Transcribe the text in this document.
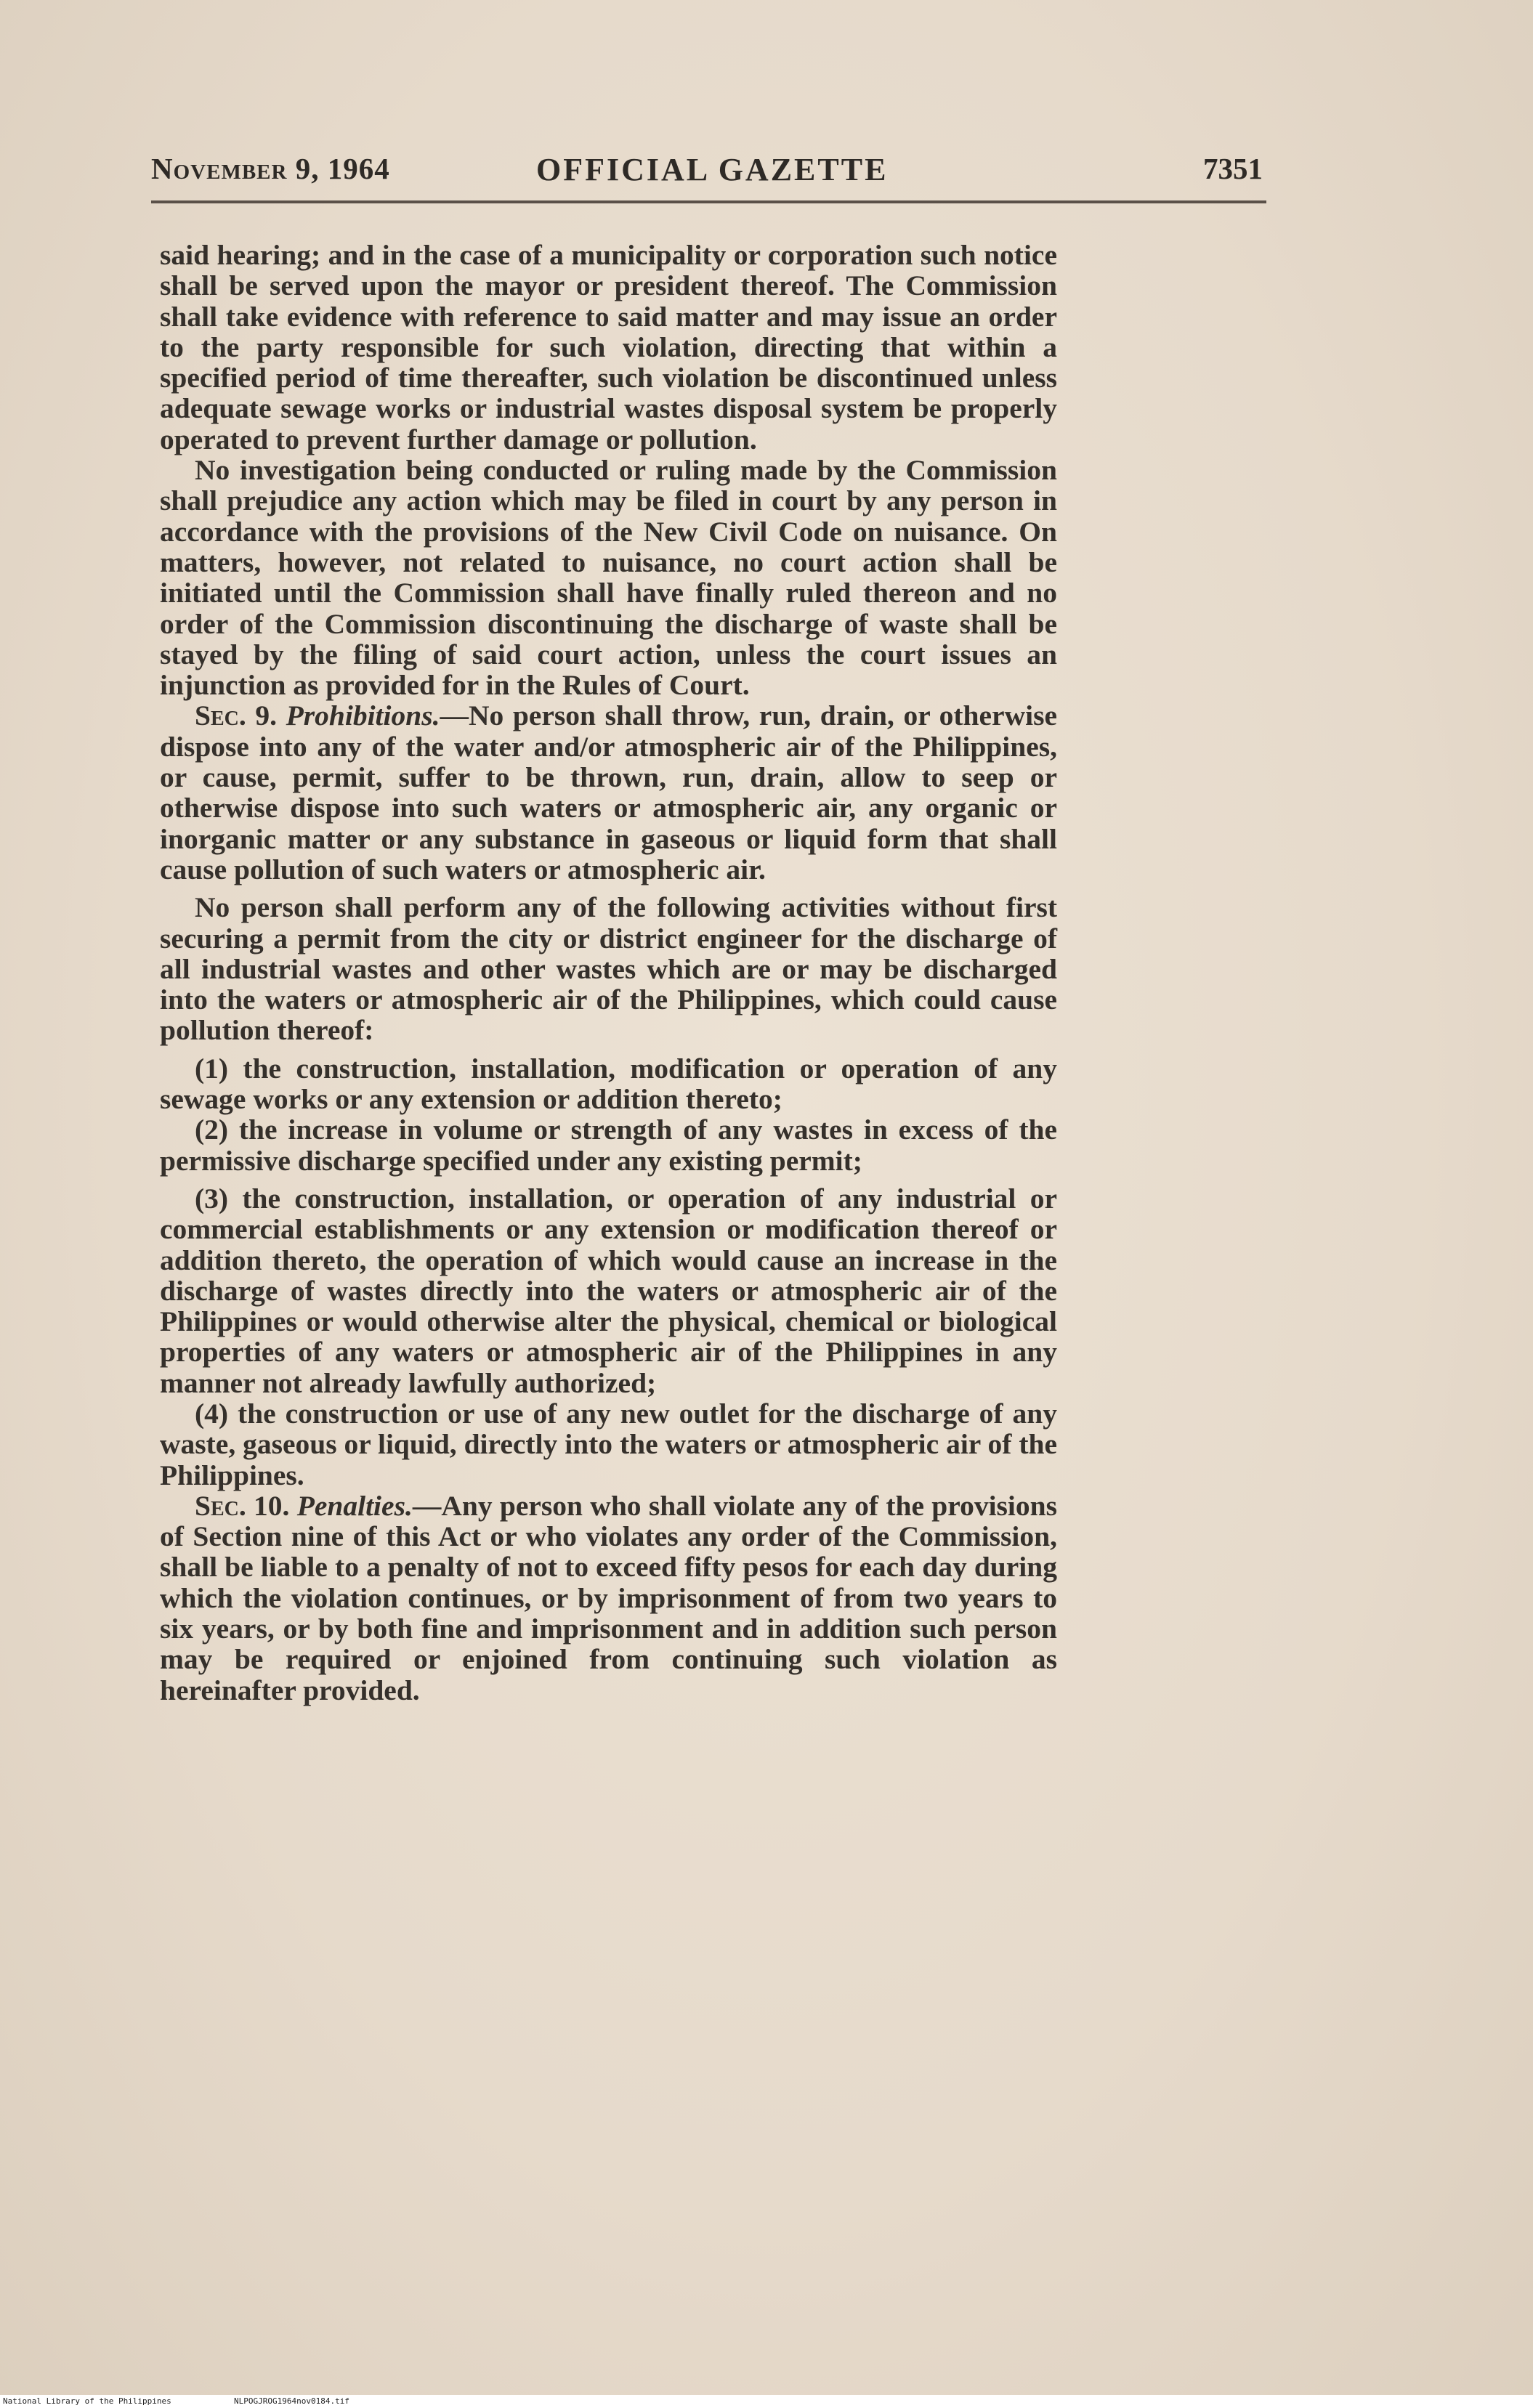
November 9, 1964	OFFICIAL GAZETTE	7351

said hearing; and in the case of a municipality or corporation such notice shall be served upon the mayor or president thereof. The Commission shall take evidence with reference to said matter and may issue an order to the party responsible for such violation, directing that within a specified period of time thereafter, such violation be discontinued unless adequate sewage works or industrial wastes disposal system be properly operated to prevent further damage or pollution.

No investigation being conducted or ruling made by the Commission shall prejudice any action which may be filed in court by any person in accordance with the provisions of the New Civil Code on nuisance. On matters, however, not related to nuisance, no court action shall be initiated until the Commission shall have finally ruled thereon and no order of the Commission discontinuing the discharge of waste shall be stayed by the filing of said court action, unless the court issues an injunction as provided for in the Rules of Court.

Sec. 9. Prohibitions.—No person shall throw, run, drain, or otherwise dispose into any of the water and/or atmospheric air of the Philippines, or cause, permit, suffer to be thrown, run, drain, allow to seep or otherwise dispose into such waters or atmospheric air, any organic or inorganic matter or any substance in gaseous or liquid form that shall cause pollution of such waters or atmospheric air.

No person shall perform any of the following activities without first securing a permit from the city or district engineer for the discharge of all industrial wastes and other wastes which are or may be discharged into the waters or atmospheric air of the Philippines, which could cause pollution thereof:

(1) the construction, installation, modification or operation of any sewage works or any extension or addition thereto;

(2) the increase in volume or strength of any wastes in excess of the permissive discharge specified under any existing permit;

(3) the construction, installation, or operation of any industrial or commercial establishments or any extension or modification thereof or addition thereto, the operation of which would cause an increase in the discharge of wastes directly into the waters or atmospheric air of the Philippines or would otherwise alter the physical, chemical or biological properties of any waters or atmospheric air of the Philippines in any manner not already lawfully authorized;

(4) the construction or use of any new outlet for the discharge of any waste, gaseous or liquid, directly into the waters or atmospheric air of the Philippines.

Sec. 10. Penalties.—Any person who shall violate any of the provisions of Section nine of this Act or who violates any order of the Commission, shall be liable to a penalty of not to exceed fifty pesos for each day during which the violation continues, or by imprisonment of from two years to six years, or by both fine and imprisonment and in addition such person may be required or enjoined from continuing such violation as hereinafter provided.

National Library of the Philippines	NLPOGJROG1964nov0184.tif
